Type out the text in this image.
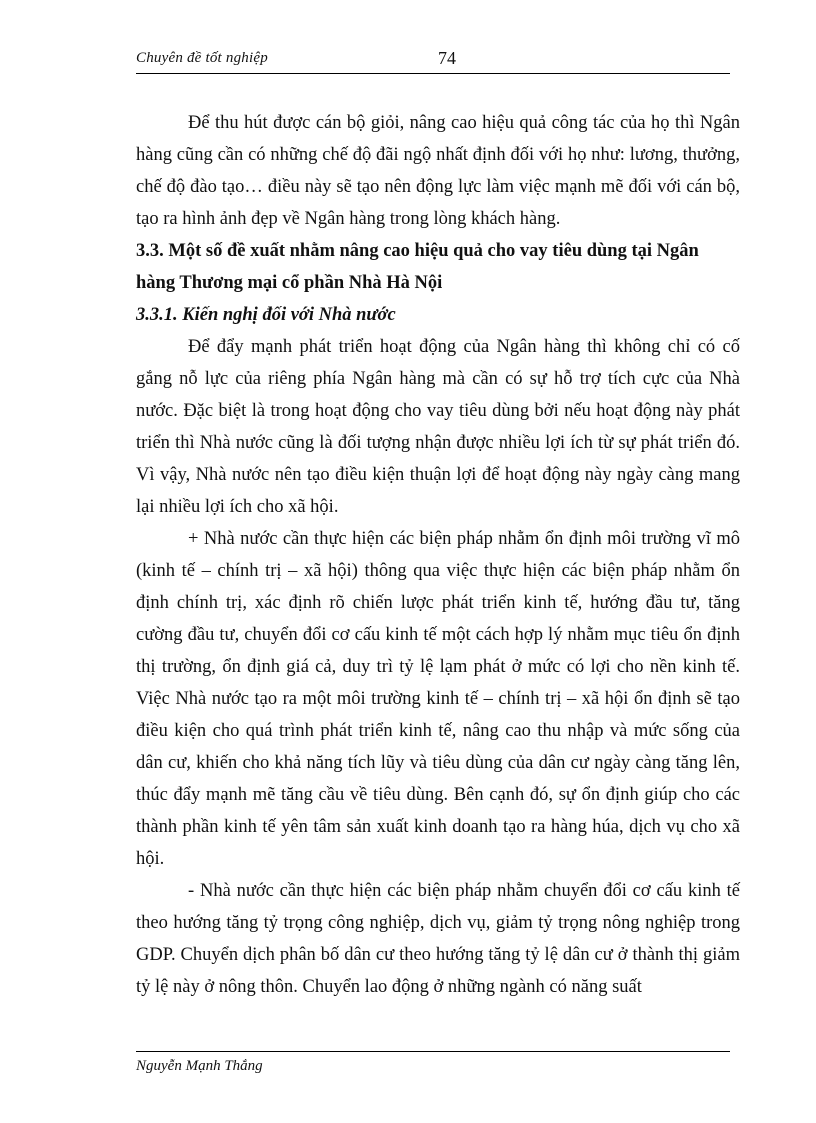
Chuyên đề tốt nghiệp	74

Để thu hút được cán bộ giỏi, nâng cao hiệu quả công tác của họ thì Ngân hàng cũng cần có những chế độ đãi ngộ nhất định đối với họ như: lương, thưởng, chế độ đào tạo… điều này sẽ tạo nên động lực làm việc mạnh mẽ đối với cán bộ, tạo ra hình ảnh đẹp về Ngân hàng trong lòng khách hàng.

3.3. Một số đề xuất nhằm nâng cao hiệu quả cho vay tiêu dùng tại Ngân hàng Thương mại cổ phần Nhà Hà Nội
3.3.1. Kiến nghị đối với Nhà nước

Để đẩy mạnh phát triển hoạt động của Ngân hàng thì không chỉ có cố gắng nỗ lực của riêng phía Ngân hàng mà cần có sự hỗ trợ tích cực của Nhà nước. Đặc biệt là trong hoạt động cho vay tiêu dùng bởi nếu hoạt động này phát triển thì Nhà nước cũng là đối tượng nhận được nhiều lợi ích từ sự phát triển đó. Vì vậy, Nhà nước nên tạo điều kiện thuận lợi để hoạt động này ngày càng mang lại nhiều lợi ích cho xã hội.

+ Nhà nước cần thực hiện các biện pháp nhằm ổn định môi trường vĩ mô (kinh tế – chính trị – xã hội) thông qua việc thực hiện các biện pháp nhằm ổn định chính trị, xác định rõ chiến lược phát triển kinh tế, hướng đầu tư, tăng cường đầu tư, chuyển đổi cơ cấu kinh tế một cách hợp lý nhằm mục tiêu ổn định thị trường, ổn định giá cả, duy trì tỷ lệ lạm phát ở mức có lợi cho nền kinh tế. Việc Nhà nước tạo ra một môi trường kinh tế – chính trị – xã hội ổn định sẽ tạo điều kiện cho quá trình phát triển kinh tế, nâng cao thu nhập và mức sống của dân cư, khiến cho khả năng tích lũy và tiêu dùng của dân cư ngày càng tăng lên, thúc đẩy mạnh mẽ tăng cầu về tiêu dùng. Bên cạnh đó, sự ổn định giúp cho các thành phần kinh tế yên tâm sản xuất kinh doanh tạo ra hàng húa, dịch vụ cho xã hội.

- Nhà nước cần thực hiện các biện pháp nhằm chuyển đổi cơ cấu kinh tế theo hướng tăng tỷ trọng công nghiệp, dịch vụ, giảm tỷ trọng nông nghiệp trong GDP. Chuyển dịch phân bố dân cư theo hướng tăng tỷ lệ dân cư ở thành thị giảm tỷ lệ này ở nông thôn. Chuyển lao động ở những ngành có năng suất

Nguyễn Mạnh Thắng
